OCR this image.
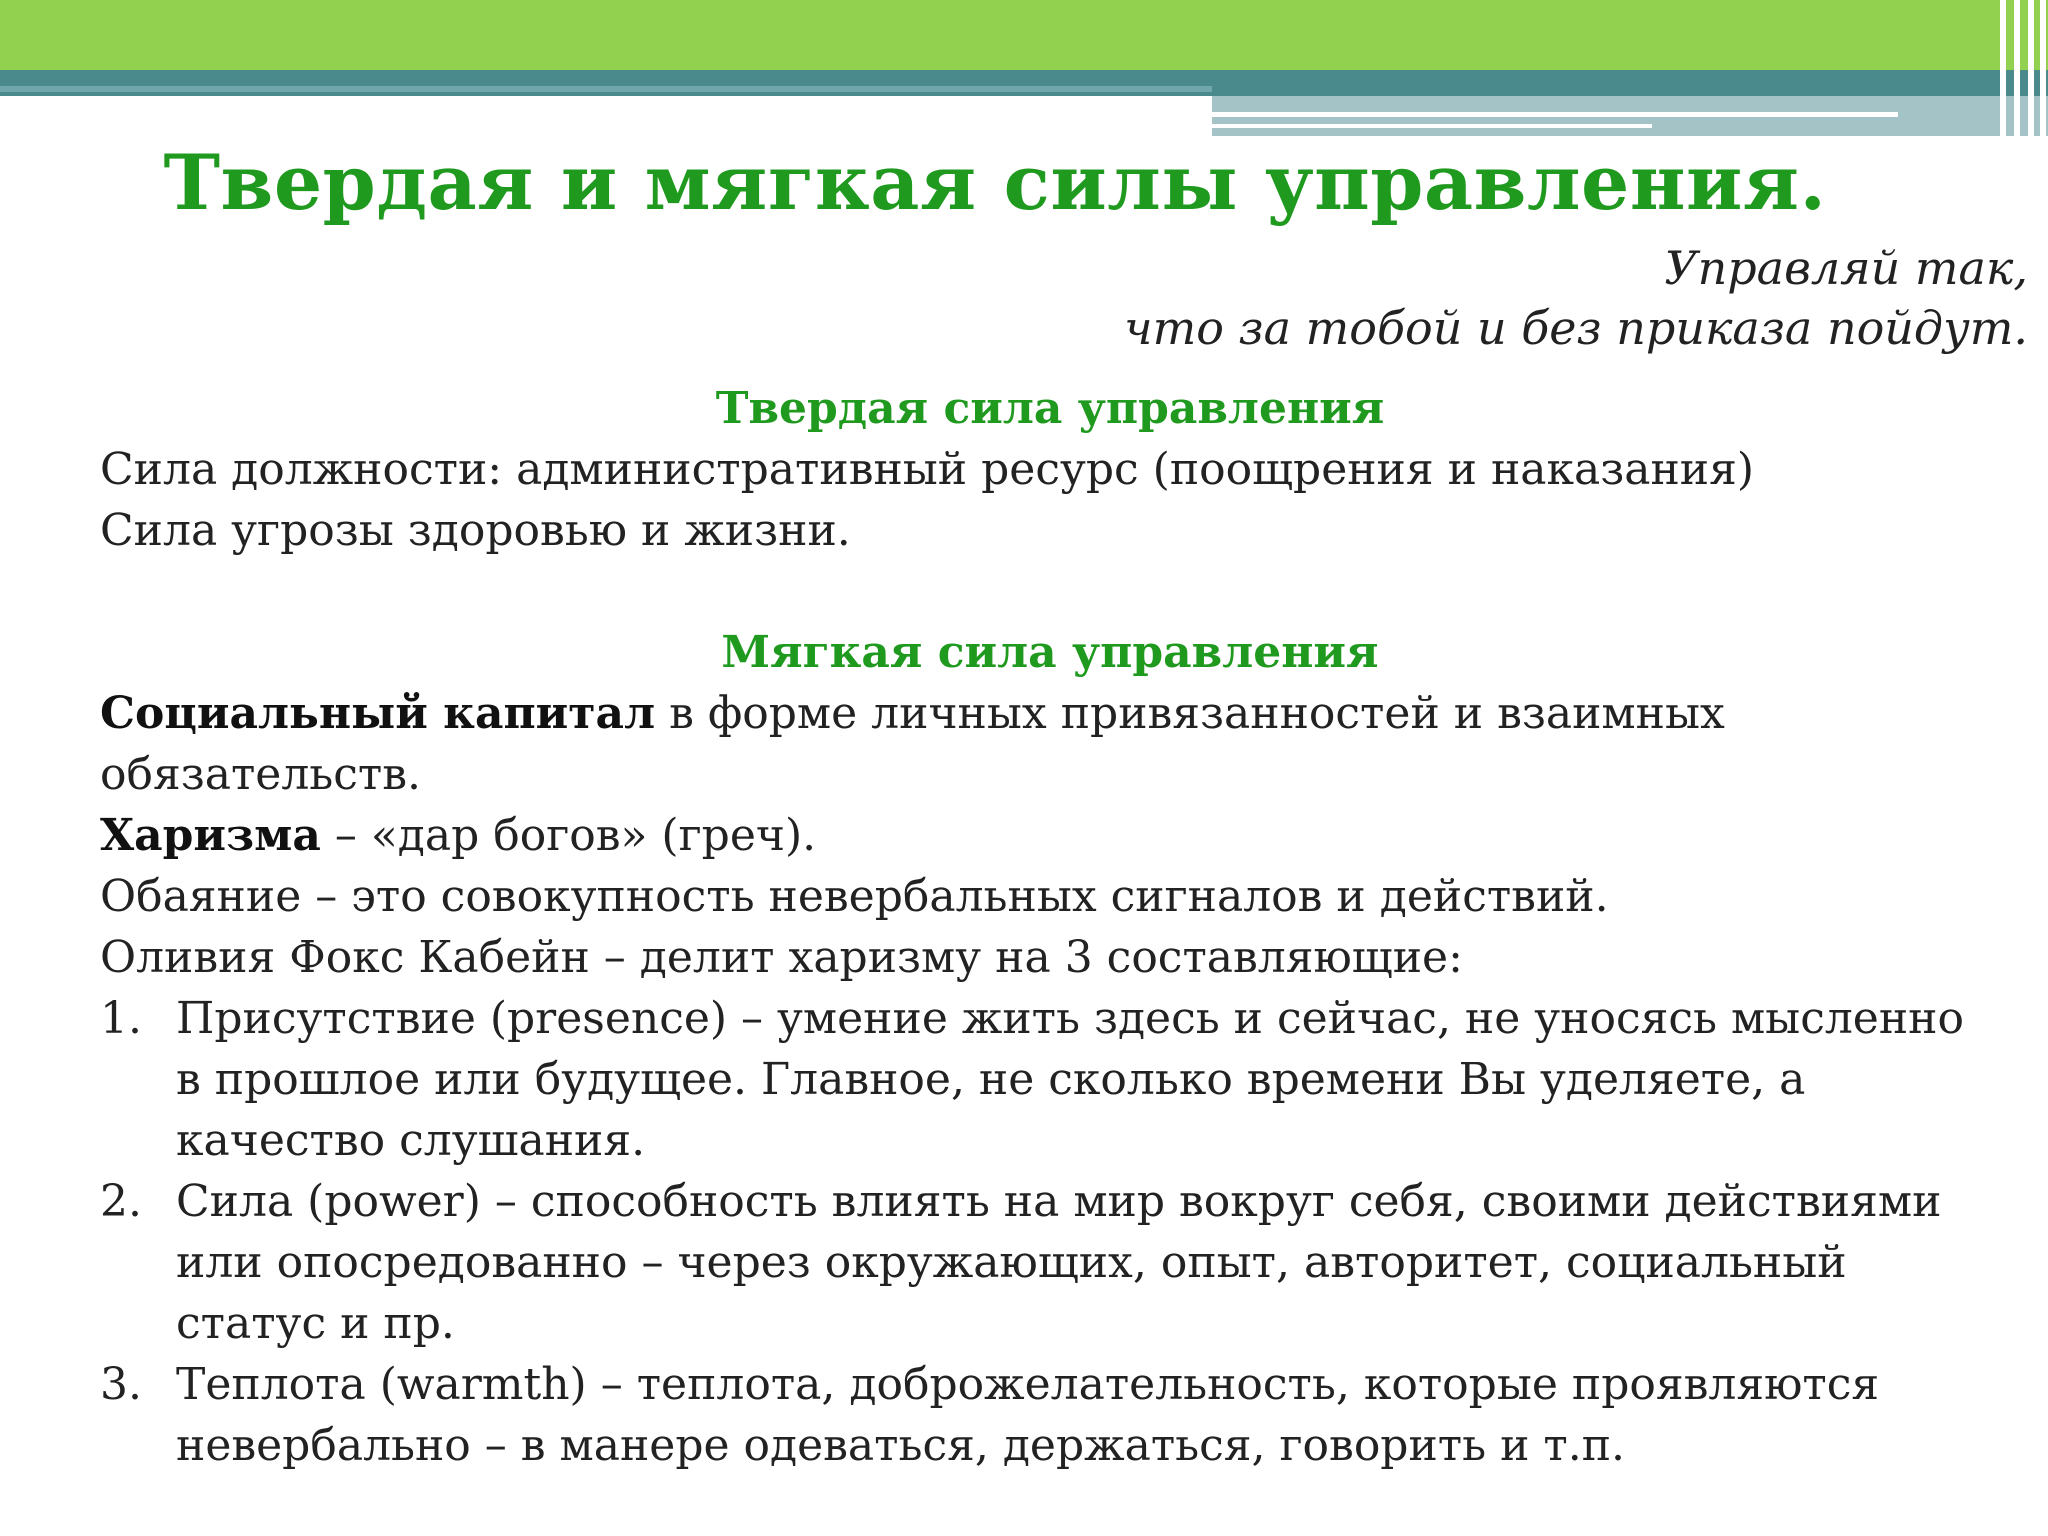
Твердая и мягкая силы управления.
Управляй так,
что за тобой и без приказа пойдут.
Твердая сила управления

Сила должности: административный ресурс (поощрения и наказания)

Сила угрозы здоровью и жизни.

Мягкая сила управления

Социальный капитал в форме личных привязанностей и взаимных обязательств.

Харизма – «дар богов» (греч).

Обаяние – это совокупность невербальных сигналов и действий.

Оливия Фокс Кабейн – делит харизму на 3 составляющие:

1. Присутствие (presence) – умение жить здесь и сейчас, не уносясь мысленно в прошлое или будущее. Главное, не сколько времени Вы уделяете, а качество слушания.
2. Сила (power) – способность влиять на мир вокруг себя, своими действиями или опосредованно – через окружающих, опыт, авторитет, социальный статус и пр.
3. Теплота (warmth) – теплота, доброжелательность, которые проявляются невербально – в манере одеваться, держаться, говорить и т.п.
